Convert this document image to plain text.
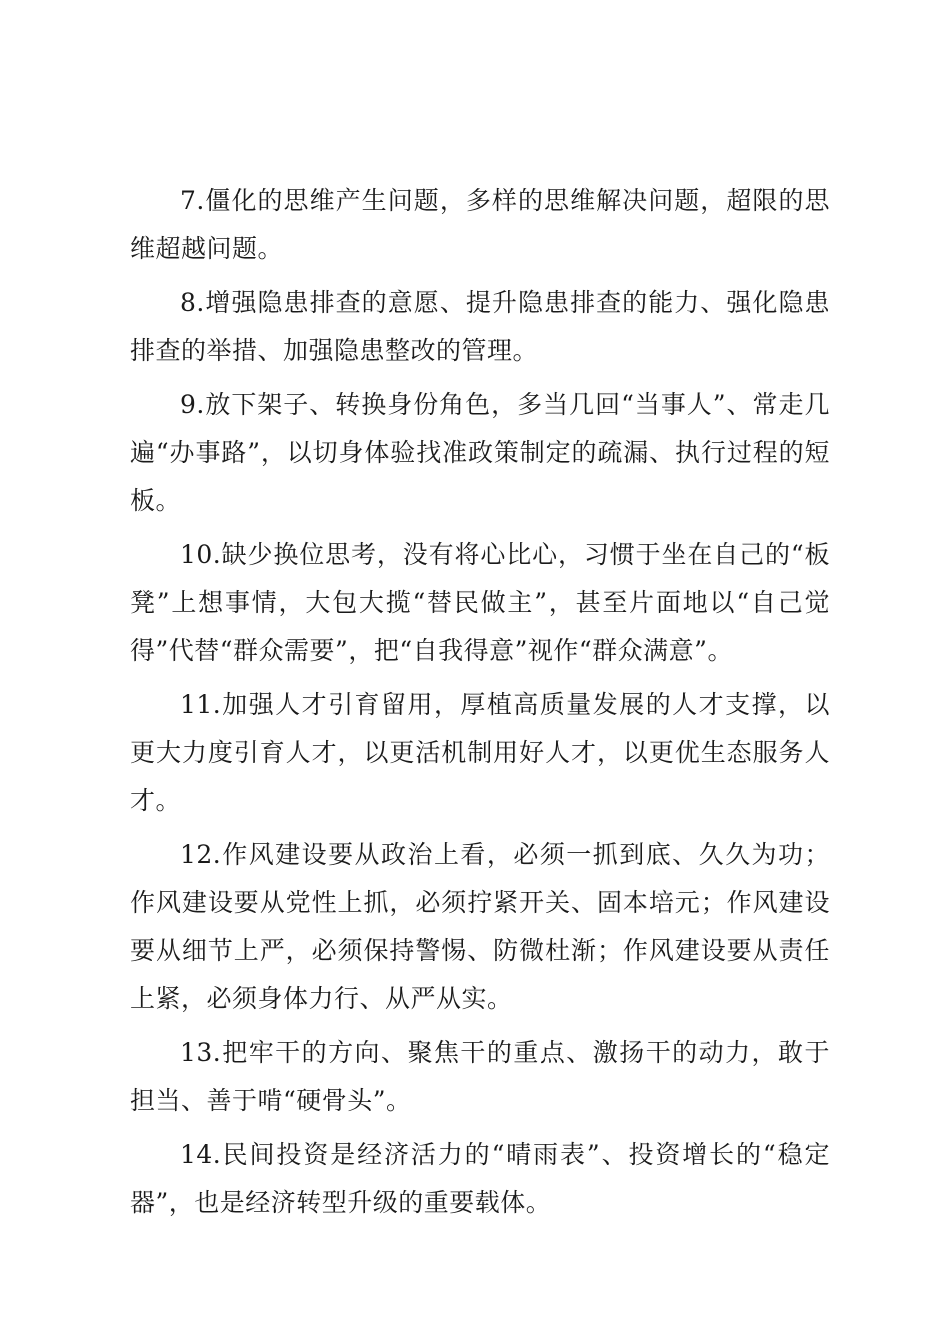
7.僵化的思维产生问题，多样的思维解决问题，超限的思维超越问题。

8.增强隐患排查的意愿、提升隐患排查的能力、强化隐患排查的举措、加强隐患整改的管理。

9.放下架子、转换身份角色，多当几回“当事人”、常走几遍“办事路”，以切身体验找准政策制定的疏漏、执行过程的短板。

10.缺少换位思考，没有将心比心，习惯于坐在自己的“板凳”上想事情，大包大揽“替民做主”，甚至片面地以“自己觉得”代替“群众需要”，把“自我得意”视作“群众满意”。

11.加强人才引育留用，厚植高质量发展的人才支撑，以更大力度引育人才，以更活机制用好人才，以更优生态服务人才。

12.作风建设要从政治上看，必须一抓到底、久久为功；作风建设要从党性上抓，必须拧紧开关、固本培元；作风建设要从细节上严，必须保持警惕、防微杜渐；作风建设要从责任上紧，必须身体力行、从严从实。

13.把牢干的方向、聚焦干的重点、激扬干的动力，敢于担当、善于啃“硬骨头”。

14.民间投资是经济活力的“晴雨表”、投资增长的“稳定器”，也是经济转型升级的重要载体。
